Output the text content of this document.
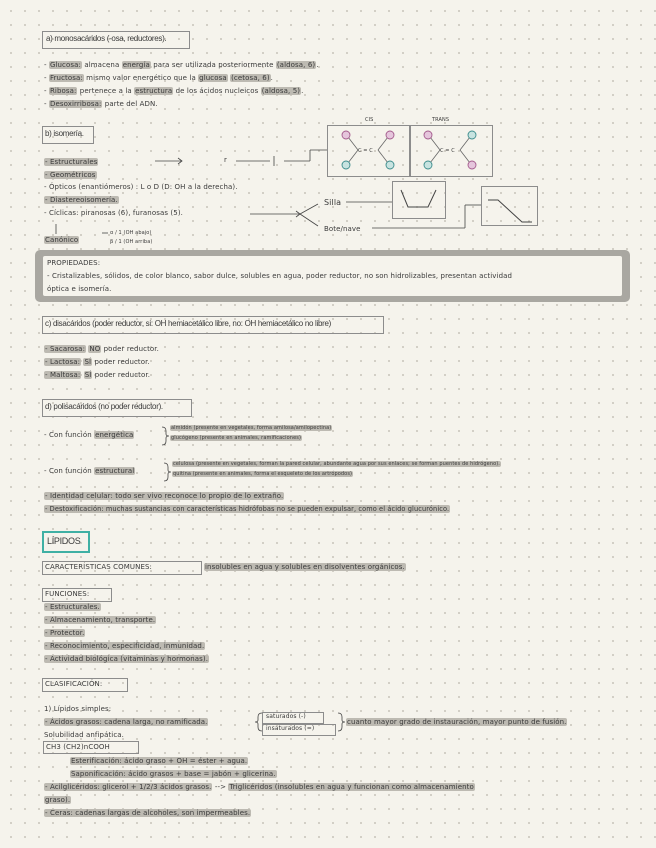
a) monosacáridos (-osa, reductores).
- Glucosa: almacena energía para ser utilizada posteriormente (aldosa, 6).
- Fructosa: mismo valor energético que la glucosa (cetosa, 6).
- Ribosa: pertenece a la estructura de los ácidos nucleicos (aldosa, 5).
- Desoxirribosa: parte del ADN.
b) isomería.
CIS	TRANS
C = C	C = C
- Estructurales	r
- Geométricos
- Ópticos (enantiómeros) : L o D (D: OH a la derecha).
- Diastereoisomería.
- Cíclicas: piranosas (6), furanosas (5).
Silla
Bote/nave
Canónico
α / 1 (OH abajo)
β / 1 (OH arriba)
PROPIEDADES:
- Cristalizables, sólidos, de color blanco, sabor dulce, solubles en agua, poder reductor, no son hidrolizables, presentan actividad
óptica e isomería.
c) disacáridos (poder reductor, si: OH hemiacetálico libre, no: OH hemiacetálico no libre)
- Sacarosa: NO poder reductor.
- Lactosa: SÍ poder reductor.
- Maltosa: SÍ poder reductor.
d) polisacáridos (no poder reductor).
- Con función energética
almidón (presente en vegetales, forma amilosa/amilopectina)
glucógeno (presente en animales, ramificaciones)
- Con función estructural
celulosa (presente en vegetales, forman la pared celular, abundante agua por sus enlaces; se forman puentes de hidrógeno).
quitina (presente en animales, forma el esqueleto de los artrópodos)
- Identidad celular: todo ser vivo reconoce lo propio de lo extraño.
- Destoxificación: muchas sustancias con características hidrófobas no se pueden expulsar, como el ácido glucurónico.
LÍPIDOS
CARACTERÍSTICAS COMUNES:	insolubles en agua y solubles en disolventes orgánicos.
FUNCIONES:
- Estructurales.
- Almacenamiento, transporte.
- Protector.
- Reconocimiento, especificidad, inmunidad.
- Actividad biológica (vitaminas y hormonas).
CLASIFICACIÓN:
1) Lípidos simples:
- Ácidos grasos: cadena larga, no ramificada.
saturados (-)
insaturados (=)
cuanto mayor grado de instauración, mayor punto de fusión.
Solubilidad anfipática.
CH3 (CH2)nCOOH
Esterificación: ácido graso + OH = éster + agua.
Saponificación: ácido grasos + base = jabón + glicerina.
- Acilglicéridos: glicerol + 1/2/3 ácidos grasos. --> Triglicéridos (insolubles en agua y funcionan como almacenamiento
graso).
- Ceras: cadenas largas de alcoholes, son impermeables.
